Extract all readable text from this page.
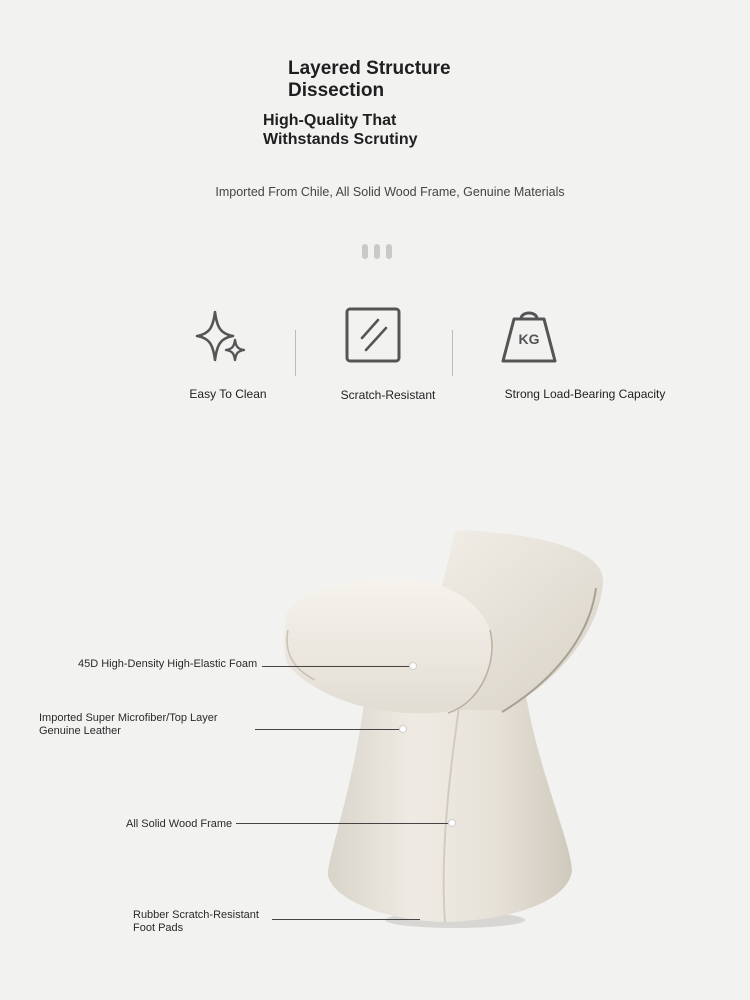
Layered Structure
Dissection
High-Quality That
Withstands Scrutiny
Imported From Chile, All Solid Wood Frame, Genuine Materials
Easy To Clean	Scratch-Resistant
KG
Strong Load-Bearing Capacity
45D High-Density High-Elastic Foam
Imported Super Microfiber/Top Layer
Genuine Leather
All Solid Wood Frame
Rubber Scratch-Resistant
Foot Pads
